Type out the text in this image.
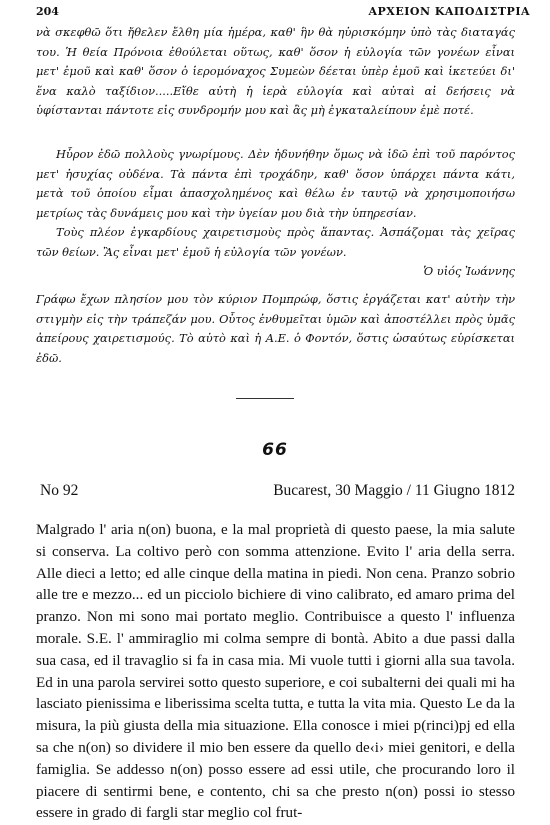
204	ΑΡΧΕΙΟΝ ΚΑΠΟΔΙΣΤΡΙΑ

νὰ σκεφθῶ ὅτι ἤθελεν ἔλθη μία ἡμέρα, καθ' ἣν θὰ ηὑρισκόμην ὑπὸ τὰς διαταγάς του. Ἡ θεία Πρόνοια ἐθούλεται οὕτως, καθ' ὅσον ἡ εὐλογία τῶν γονέων εἶναι μετ' ἐμοῦ καὶ καθ' ὅσον ὁ ἱερομόναχος Συμεὼν δέεται ὑπὲρ ἐμοῦ καὶ ἱκετεύει δι' ἕνα καλὸ ταξίδιον.....Εἴθε αὐτὴ ἡ ἱερὰ εὐλογία καὶ αὐταὶ αἱ δεήσεις νὰ ὑφίστανται πάντοτε εἰς συνδρομήν μου καὶ ἂς μὴ ἐγκαταλείπουν ἐμὲ ποτέ.

Ηὗρον ἐδῶ πολλοὺς γνωρίμους. Δὲν ἠδυνήθην ὅμως νὰ ἰδῶ ἐπὶ τοῦ παρόντος μετ' ἡσυχίας οὐδένα. Τὰ πάντα ἐπὶ τροχάδην, καθ' ὅσον ὑπάρχει πάντα κάτι, μετὰ τοῦ ὁποίου εἶμαι ἀπασχολημένος καὶ θέλω ἐν ταυτῷ νὰ χρησιμοποιήσω μετρίως τὰς δυνάμεις μου καὶ τὴν ὑγείαν μου διὰ τὴν ὑπηρεσίαν.

Τοὺς πλέον ἐγκαρδίους χαιρετισμοὺς πρὸς ἅπαντας. Ἀσπάζομαι τὰς χεῖρας τῶν θείων. Ἂς εἶναι μετ' ἐμοῦ ἡ εὐλογία τῶν γονέων.

Ὁ υἱός Ἰωάννης

Γράφω ἔχων πλησίον μου τὸν κύριον Πομπρώφ, ὅστις ἐργάζεται κατ' αὐτὴν τὴν στιγμὴν εἰς τὴν τράπεζάν μου. Οὗτος ἐνθυμεῖται ὑμῶν καὶ ἀποστέλλει πρὸς ὑμᾶς ἀπείρους χαιρετισμούς. Τὸ αὐτὸ καὶ ἡ Α.Ε. ὁ Φοντόν, ὅστις ὡσαύτως εὑρίσκεται ἐδῶ.

66
No 92	Bucarest, 30 Maggio / 11 Giugno 1812

Malgrado l' aria n(on) buona, e la mal proprietà di questo paese, la mia salute si conserva. La coltivo però con somma attenzione. Evito l' aria della serra. Alle dieci a letto; ed alle cinque della matina in piedi. Non cena. Pranzo sobrio alle tre e mezzo... ed un picciolo bichiere di vino calibrato, ed amaro prima del pranzo. Non mi sono mai portato meglio. Contribuisce a questo l' influenza morale. S.E. l' ammiraglio mi colma sempre di bontà. Abito a due passi dalla sua casa, ed il travaglio si fa in casa mia. Mi vuole tutti i giorni alla sua tavola. Ed in una parola servirei sotto questo superiore, e coi subalterni dei quali mi ha lasciato pienissima e liberissima scelta tutta, e tutta la vita mia. Questo Le da la misura, la più giusta della mia situazione. Ella conosce i miei p(rinci)pj ed ella sa che n(on) so dividere il mio ben essere da quello de‹i› miei genitori, e della famiglia. Se addesso n(on) posso essere ad essi utile, che procurando loro il piacere di sentirmi bene, e contento, chi sa che presto n(on) possi io stesso essere in grado di fargli star meglio col frut-
